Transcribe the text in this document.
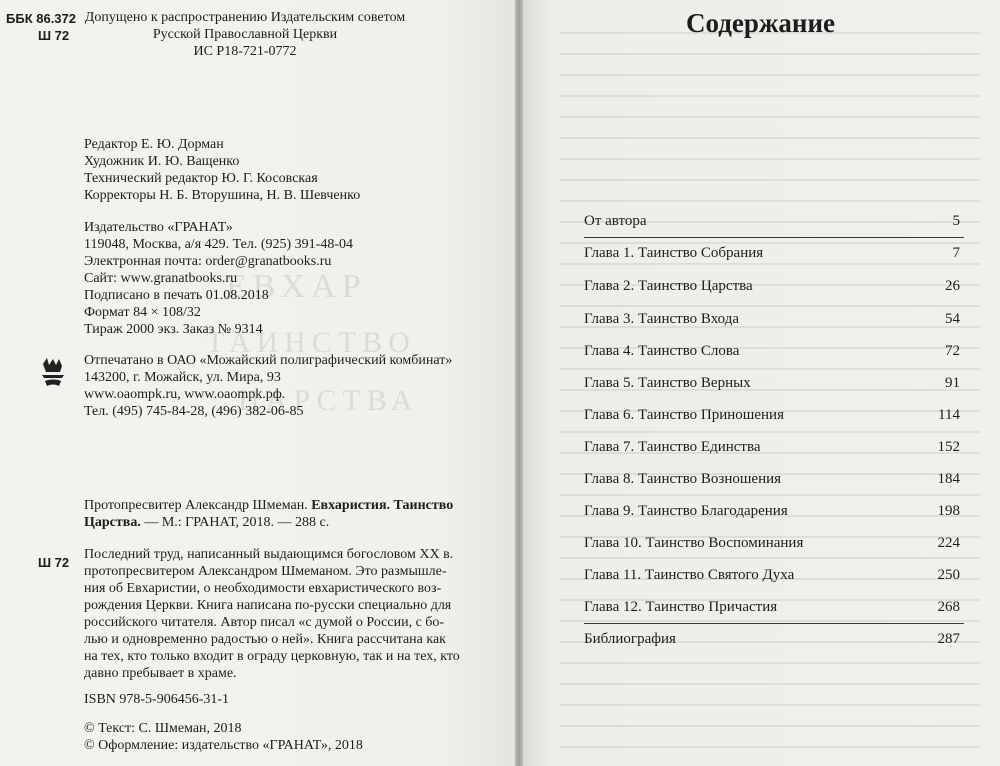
ЕВХАР
ТАИНСТВО
ЦАРСТВА
ББК 86.372
Ш 72
Допущено к распространению Издательским советом
Русской Православной Церкви
ИС Р18-721-0772
Редактор Е. Ю. Дорман
Художник И. Ю. Ващенко
Технический редактор Ю. Г. Косовская
Корректоры Н. Б. Вторушина, Н. В. Шевченко
Издательство «ГРАНАТ»
119048, Москва, а/я 429. Тел. (925) 391-48-04
Электронная почта: order@granatbooks.ru
Сайт: www.granatbooks.ru
Подписано в печать 01.08.2018
Формат 84 × 108/32
Тираж 2000 экз. Заказ № 9314
Отпечатано в ОАО «Можайский полиграфический комбинат»
143200, г. Можайск, ул. Мира, 93
www.oaompk.ru, www.oaompk.рф.
Тел. (495) 745-84-28, (496) 382-06-85
Протопресвитер Александр Шмеман. Евхаристия. Таинство
Царства. — М.: ГРАНАТ, 2018. — 288 с.
Ш 72
Последний труд, написанный выдающимся богословом XX в.
протопресвитером Александром Шмеманом. Это размышле-
ния об Евхаристии, о необходимости евхаристического воз-
рождения Церкви. Книга написана по-русски специально для
российского читателя. Автор писал «с думой о России, с бо-
лью и одновременно радостью о ней». Книга рассчитана как
на тех, кто только входит в ограду церковную, так и на тех, кто
давно пребывает в храме.
ISBN 978-5-906456-31-1
© Текст: С. Шмеман, 2018
© Оформление: издательство «ГРАНАТ», 2018
Содержание
От автора	5
Глава 1. Таинство Собрания	7
Глава 2. Таинство Царства	26
Глава 3. Таинство Входа	54
Глава 4. Таинство Слова	72
Глава 5. Таинство Верных	91
Глава 6. Таинство Приношения	114
Глава 7. Таинство Единства	152
Глава 8. Таинство Возношения	184
Глава 9. Таинство Благодарения	198
Глава 10. Таинство Воспоминания	224
Глава 11. Таинство Святого Духа	250
Глава 12. Таинство Причастия	268
Библиография	287
